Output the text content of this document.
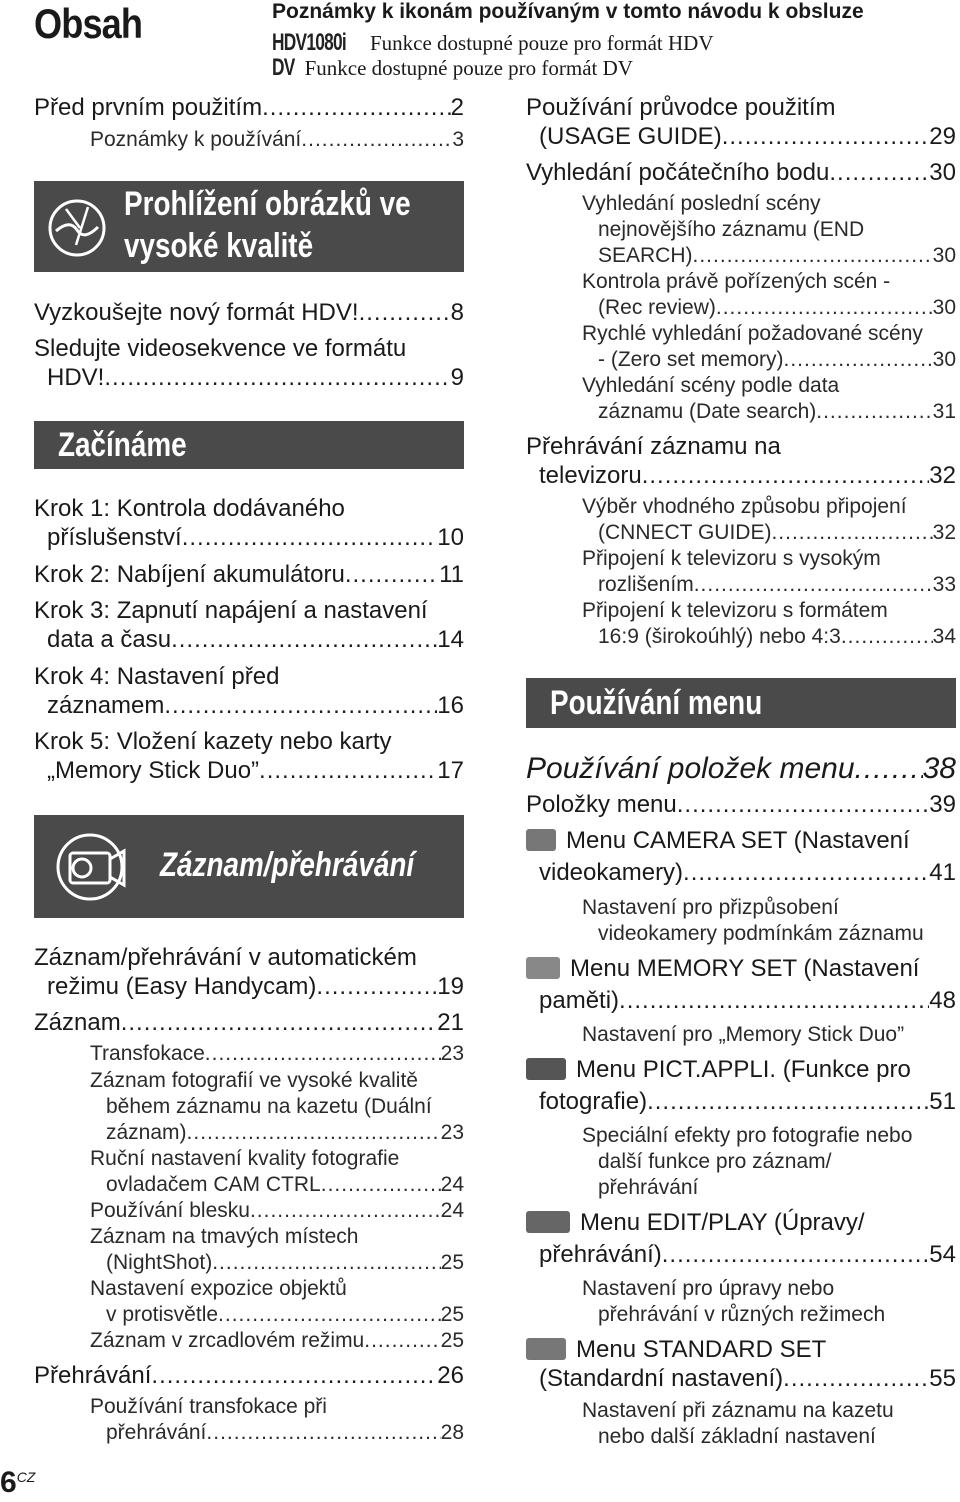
Obsah	Poznámky k ikonám používaným v tomto návodu k obsluze
HDV1080i Funkce dostupné pouze pro formát HDV
DV Funkce dostupné pouze pro formát DV
Před prvním použitím .....	2
Poznámky k používání .....	3
Prohlížení obrázků ve
vysoké kvalitě
Vyzkoušejte nový formát HDV! .....	8
Sledujte videosekvence ve formátu
HDV! .....	9
Začínáme
Krok 1: Kontrola dodávaného
příslušenství .....	10
Krok 2: Nabíjení akumulátoru .....	11
Krok 3: Zapnutí napájení a nastavení
data a času .....	14
Krok 4: Nastavení před
záznamem .....	16
Krok 5: Vložení kazety nebo karty
„Memory Stick Duo” .....	17
Záznam/přehrávání
Záznam/přehrávání v automatickém
režimu (Easy Handycam) .....	19
Záznam .....	21
Transfokace .....	23
Záznam fotografií ve vysoké kvalitě
během záznamu na kazetu (Duální
záznam) .....	23
Ruční nastavení kvality fotografie
ovladačem CAM CTRL .....	24
Používání blesku .....	24
Záznam na tmavých místech
(NightShot) .....	25
Nastavení expozice objektů
v protisvětle .....	25
Záznam v zrcadlovém režimu .....	25
Přehrávání .....	26
Používání transfokace při
přehrávání .....	28
Používání průvodce použitím
(USAGE GUIDE) .....	29
Vyhledání počátečního bodu .....	30
Vyhledání poslední scény
nejnovějšího záznamu (END
SEARCH) .....	30
Kontrola právě pořízených scén -
(Rec review) .....	30
Rychlé vyhledání požadované scény
- (Zero set memory) .....	30
Vyhledání scény podle data
záznamu (Date search) .....	31
Přehrávání záznamu na
televizoru .....	32
Výběr vhodného způsobu připojení
(CNNECT GUIDE) .....	32
Připojení k televizoru s vysokým
rozlišením .....	33
Připojení k televizoru s formátem
16:9 (širokoúhlý) nebo 4:3 .....	34
Používání menu
Používání položek menu ..... 38
Položky menu .....	39
Menu CAMERA SET (Nastavení
videokamery) .....	41
Nastavení pro přizpůsobení
videokamery podmínkám záznamu
Menu MEMORY SET (Nastavení
paměti) .....	48
Nastavení pro „Memory Stick Duo”
Menu PICT.APPLI. (Funkce pro
fotografie) .....	51
Speciální efekty pro fotografie nebo
další funkce pro záznam/
přehrávání
Menu EDIT/PLAY (Úpravy/
přehrávání) .....	54
Nastavení pro úpravy nebo
přehrávání v různých režimech
Menu STANDARD SET
(Standardní nastavení) .....	55
Nastavení při záznamu na kazetu
nebo další základní nastavení
$6^{CZ}$
